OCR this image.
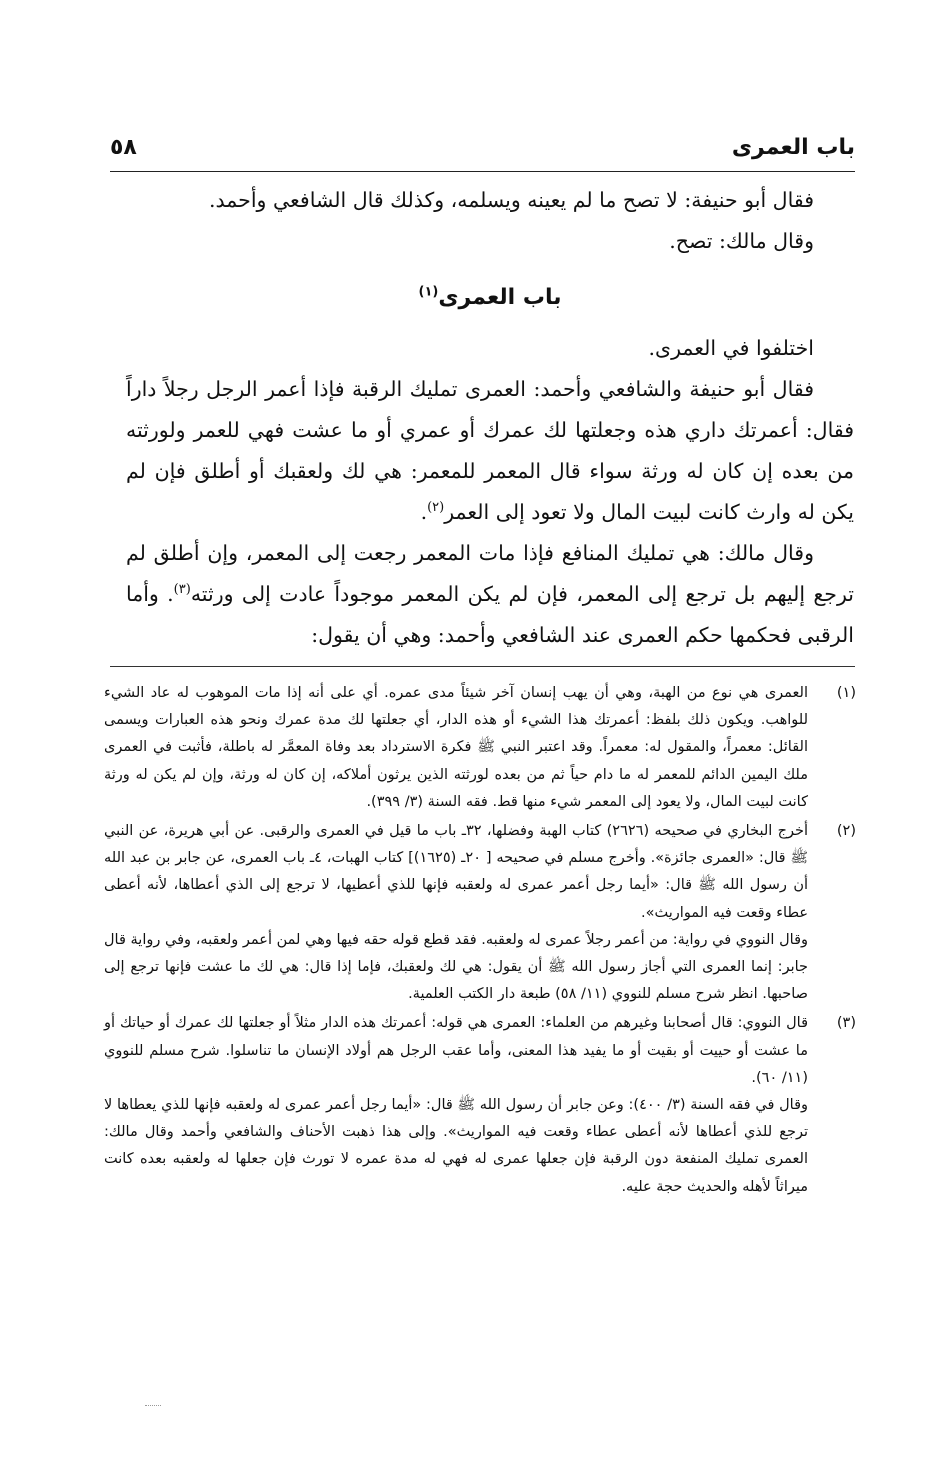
باب العمرى
٥٨

فقال أبو حنيفة: لا تصح ما لم يعينه ويسلمه، وكذلك قال الشافعي وأحمد.

وقال مالك: تصح.

باب العمرى$^{(١)}$

اختلفوا في العمرى.

فقال أبو حنيفة والشافعي وأحمد: العمرى تمليك الرقبة فإذا أعمر الرجل رجلاً داراً فقال: أعمرتك داري هذه وجعلتها لك عمرك أو عمري أو ما عشت فهي للعمر ولورثته من بعده إن كان له ورثة سواء قال المعمر للمعمر: هي لك ولعقبك أو أطلق فإن لم يكن له وارث كانت لبيت المال ولا تعود إلى العمر$^{(٢)}$.

وقال مالك: هي تمليك المنافع فإذا مات المعمر رجعت إلى المعمر، وإن أطلق لم ترجع إليهم بل ترجع إلى المعمر، فإن لم يكن المعمر موجوداً عادت إلى ورثته$^{(٣)}$. وأما الرقبى فحكمها حكم العمرى عند الشافعي وأحمد: وهي أن يقول:

(١)

العمرى هي نوع من الهبة، وهي أن يهب إنسان آخر شيئاً مدى عمره. أي على أنه إذا مات الموهوب له عاد الشيء للواهب. ويكون ذلك بلفظ: أعمرتك هذا الشيء أو هذه الدار، أي جعلتها لك مدة عمرك ونحو هذه العبارات ويسمى القائل: معمراً، والمقول له: معمراً. وقد اعتبر النبي ﷺ فكرة الاسترداد بعد وفاة المعمَّر له باطلة، فأثبت في العمرى ملك اليمين الدائم للمعمر له ما دام حياً ثم من بعده لورثته الذين يرثون أملاكه، إن كان له ورثة، وإن لم يكن له ورثة كانت لبيت المال، ولا يعود إلى المعمر شيء منها قط. فقه السنة (٣/ ٣٩٩).

(٢)

أخرج البخاري في صحيحه (٢٦٢٦) كتاب الهبة وفضلها، ٣٢ـ باب ما قيل في العمرى والرقبى. عن أبي هريرة، عن النبي ﷺ قال: «العمرى جائزة». وأخرج مسلم في صحيحه [ ٢٠ـ (١٦٢٥)] كتاب الهبات، ٤ـ باب العمرى، عن جابر بن عبد الله أن رسول الله ﷺ قال: «أيما رجل أعمر عمرى له ولعقبه فإنها للذي أعطيها، لا ترجع إلى الذي أعطاها، لأنه أعطى عطاء وقعت فيه المواريث».

وقال النووي في رواية: من أعمر رجلاً عمرى له ولعقبه. فقد قطع قوله حقه فيها وهي لمن أعمر ولعقبه، وفي رواية قال جابر: إنما العمرى التي أجاز رسول الله ﷺ أن يقول: هي لك ولعقبك، فإما إذا قال: هي لك ما عشت فإنها ترجع إلى صاحبها. انظر شرح مسلم للنووي (١١/ ٥٨) طبعة دار الكتب العلمية.

(٣)

قال النووي: قال أصحابنا وغيرهم من العلماء: العمرى هي قوله: أعمرتك هذه الدار مثلاً أو جعلتها لك عمرك أو حياتك أو ما عشت أو حييت أو بقيت أو ما يفيد هذا المعنى، وأما عقب الرجل هم أولاد الإنسان ما تناسلوا. شرح مسلم للنووي (١١/ ٦٠).

وقال في فقه السنة (٣/ ٤٠٠): وعن جابر أن رسول الله ﷺ قال: «أيما رجل أعمر عمرى له ولعقبه فإنها للذي يعطاها لا ترجع للذي أعطاها لأنه أعطى عطاء وقعت فيه المواريث». وإلى هذا ذهبت الأحناف والشافعي وأحمد وقال مالك: العمرى تمليك المنفعة دون الرقبة فإن جعلها عمرى له فهي له مدة عمره لا تورث فإن جعلها له ولعقبه بعده كانت ميراثاً لأهله والحديث حجة عليه.
